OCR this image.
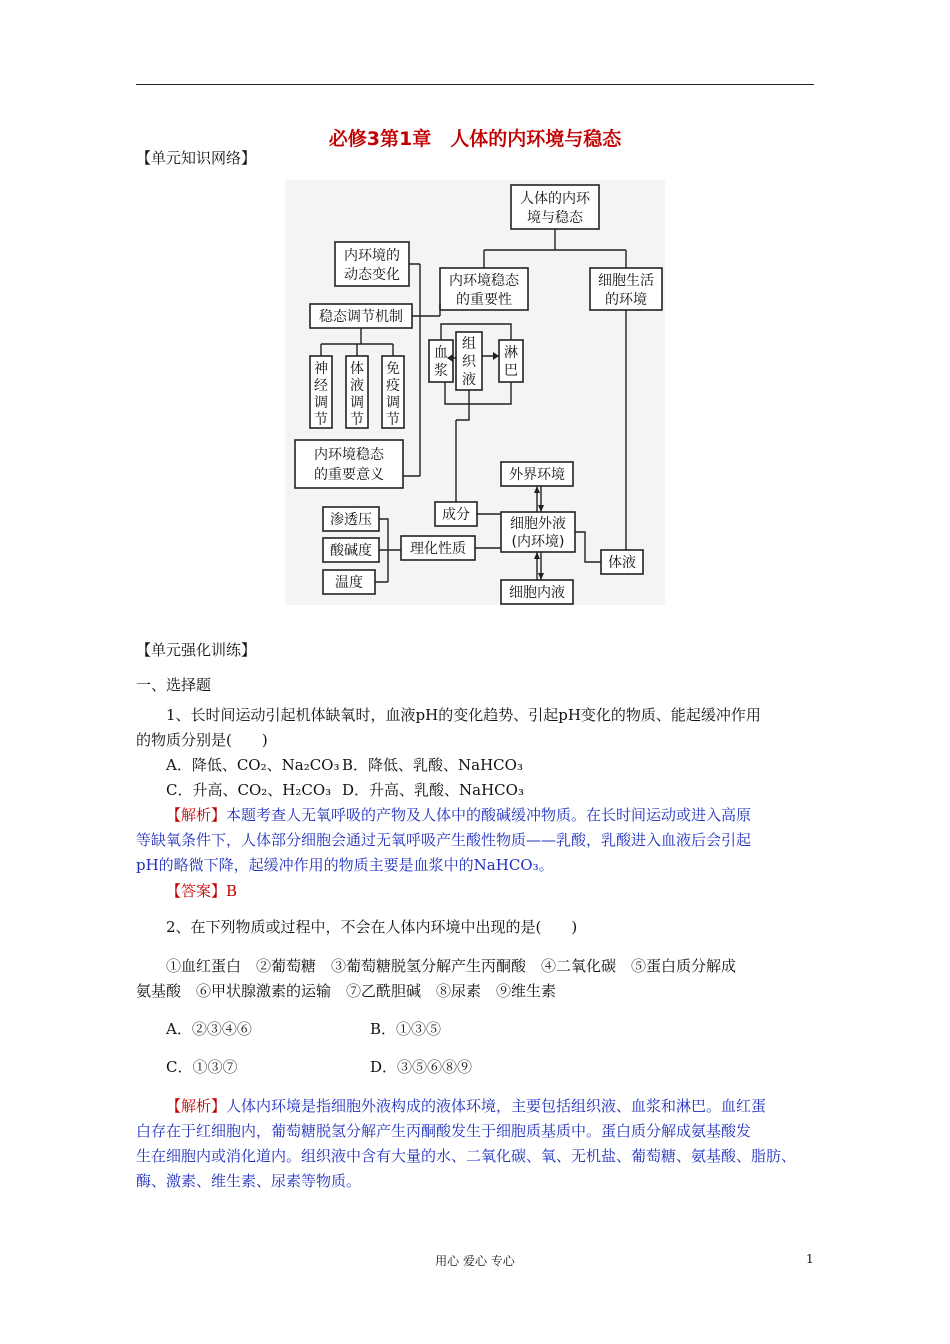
必修3第1章　人体的内环境与稳态
【单元知识网络】
人体的内环
境与稳态
内环境的
动态变化	内环境稳态
的重要性
细胞生活
的环境
稳态调节机制
神
经
调
节
体
液
调
节
免
疫
调
节
血
浆
组
织
液
淋
巴
内环境稳态
的重要意义	外界环境
成分
渗透压
酸碱度
温度
理化性质
细胞外液
(内环境)
体液
细胞内液
【单元强化训练】
一、选择题
1、长时间运动引起机体缺氧时，血液pH的变化趋势、引起pH变化的物质、能起缓冲作用
的物质分别是(　　)
A．降低、CO₂、Na₂CO₃ B．降低、乳酸、NaHCO₃
C．升高、CO₂、H₂CO₃ D．升高、乳酸、NaHCO₃
【解析】本题考查人无氧呼吸的产物及人体中的酸碱缓冲物质。在长时间运动或进入高原
等缺氧条件下，人体部分细胞会通过无氧呼吸产生酸性物质——乳酸，乳酸进入血液后会引起
pH的略微下降，起缓冲作用的物质主要是血浆中的NaHCO₃。
【答案】B
2、在下列物质或过程中，不会在人体内环境中出现的是(　　)
①血红蛋白　②葡萄糖　③葡萄糖脱氢分解产生丙酮酸　④二氧化碳　⑤蛋白质分解成
氨基酸　⑥甲状腺激素的运输　⑦乙酰胆碱　⑧尿素　⑨维生素
A．②③④⑥	B．①③⑤
C．①③⑦	D．③⑤⑥⑧⑨
【解析】人体内环境是指细胞外液构成的液体环境，主要包括组织液、血浆和淋巴。血红蛋
白存在于红细胞内，葡萄糖脱氢分解产生丙酮酸发生于细胞质基质中。蛋白质分解成氨基酸发
生在细胞内或消化道内。组织液中含有大量的水、二氧化碳、氧、无机盐、葡萄糖、氨基酸、脂肪、
酶、激素、维生素、尿素等物质。
用心 爱心 专心	1
